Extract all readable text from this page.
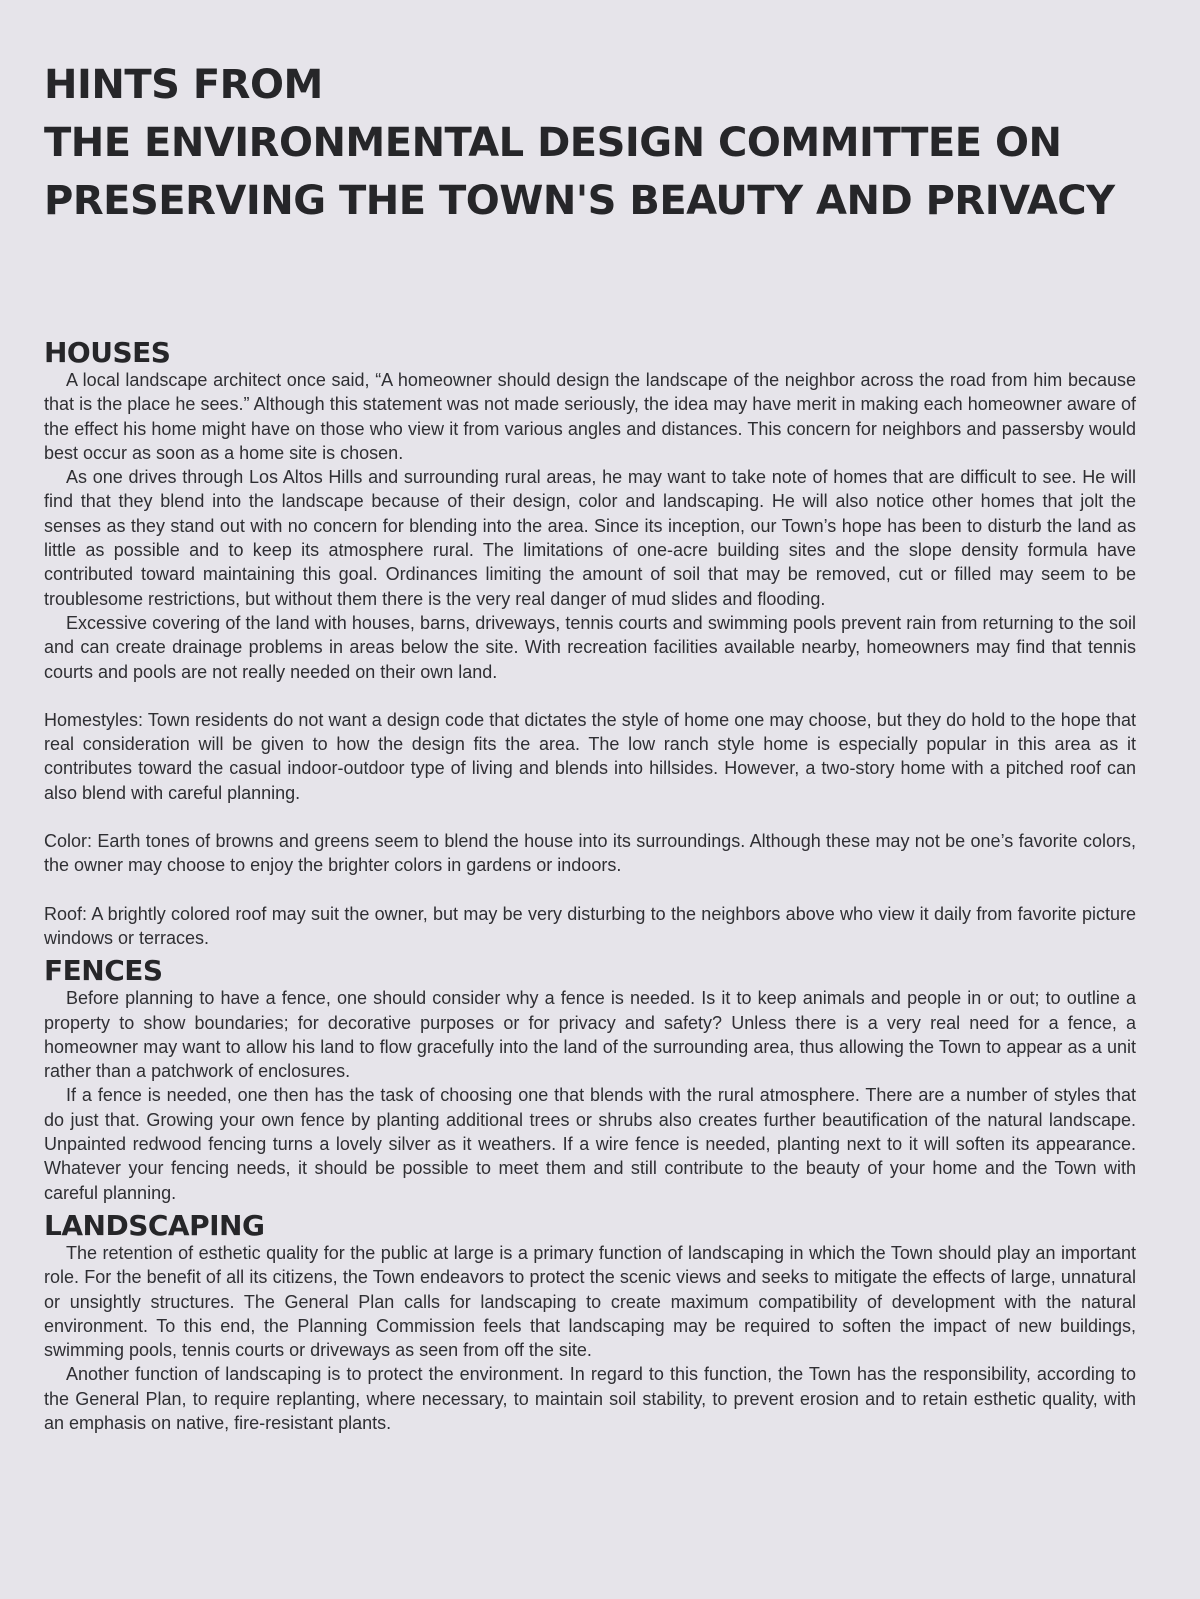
HINTS FROM
THE ENVIRONMENTAL DESIGN COMMITTEE ON
PRESERVING THE TOWN'S BEAUTY AND PRIVACY
HOUSES

A local landscape architect once said, “A homeowner should design the landscape of the neighbor across the road from him because that is the place he sees.” Although this statement was not made seriously, the idea may have merit in making each homeowner aware of the effect his home might have on those who view it from various angles and distances. This concern for neighbors and passersby would best occur as soon as a home site is chosen.

As one drives through Los Altos Hills and surrounding rural areas, he may want to take note of homes that are difficult to see. He will find that they blend into the landscape because of their design, color and landscaping. He will also notice other homes that jolt the senses as they stand out with no concern for blending into the area. Since its inception, our Town’s hope has been to disturb the land as little as possible and to keep its atmosphere rural. The limitations of one-acre building sites and the slope density formula have contributed toward maintaining this goal. Ordinances limiting the amount of soil that may be removed, cut or filled may seem to be troublesome restrictions, but without them there is the very real danger of mud slides and flooding.

Excessive covering of the land with houses, barns, driveways, tennis courts and swimming pools prevent rain from returning to the soil and can create drainage problems in areas below the site. With recreation facilities available nearby, homeowners may find that tennis courts and pools are not really needed on their own land.

Homestyles: Town residents do not want a design code that dictates the style of home one may choose, but they do hold to the hope that real consideration will be given to how the design fits the area. The low ranch style home is especially popular in this area as it contributes toward the casual indoor-outdoor type of living and blends into hillsides. However, a two-story home with a pitched roof can also blend with careful planning.

Color: Earth tones of browns and greens seem to blend the house into its surroundings. Although these may not be one’s favorite colors, the owner may choose to enjoy the brighter colors in gardens or indoors.

Roof: A brightly colored roof may suit the owner, but may be very disturbing to the neighbors above who view it daily from favorite picture windows or terraces.

FENCES

Before planning to have a fence, one should consider why a fence is needed. Is it to keep animals and people in or out; to outline a property to show boundaries; for decorative purposes or for privacy and safety? Unless there is a very real need for a fence, a homeowner may want to allow his land to flow gracefully into the land of the surrounding area, thus allowing the Town to appear as a unit rather than a patchwork of enclosures.

If a fence is needed, one then has the task of choosing one that blends with the rural atmosphere. There are a number of styles that do just that. Growing your own fence by planting additional trees or shrubs also creates further beautification of the natural landscape. Unpainted redwood fencing turns a lovely silver as it weathers. If a wire fence is needed, planting next to it will soften its appearance. Whatever your fencing needs, it should be possible to meet them and still contribute to the beauty of your home and the Town with careful planning.

LANDSCAPING

The retention of esthetic quality for the public at large is a primary function of landscaping in which the Town should play an important role. For the benefit of all its citizens, the Town endeavors to protect the scenic views and seeks to mitigate the effects of large, unnatural or unsightly structures. The General Plan calls for landscaping to create maximum compatibility of development with the natural environment. To this end, the Planning Commission feels that landscaping may be required to soften the impact of new buildings, swimming pools, tennis courts or driveways as seen from off the site.

Another function of landscaping is to protect the environment. In regard to this function, the Town has the responsibility, according to the General Plan, to require replanting, where necessary, to maintain soil stability, to prevent erosion and to retain esthetic quality, with an emphasis on native, fire-resistant plants.
